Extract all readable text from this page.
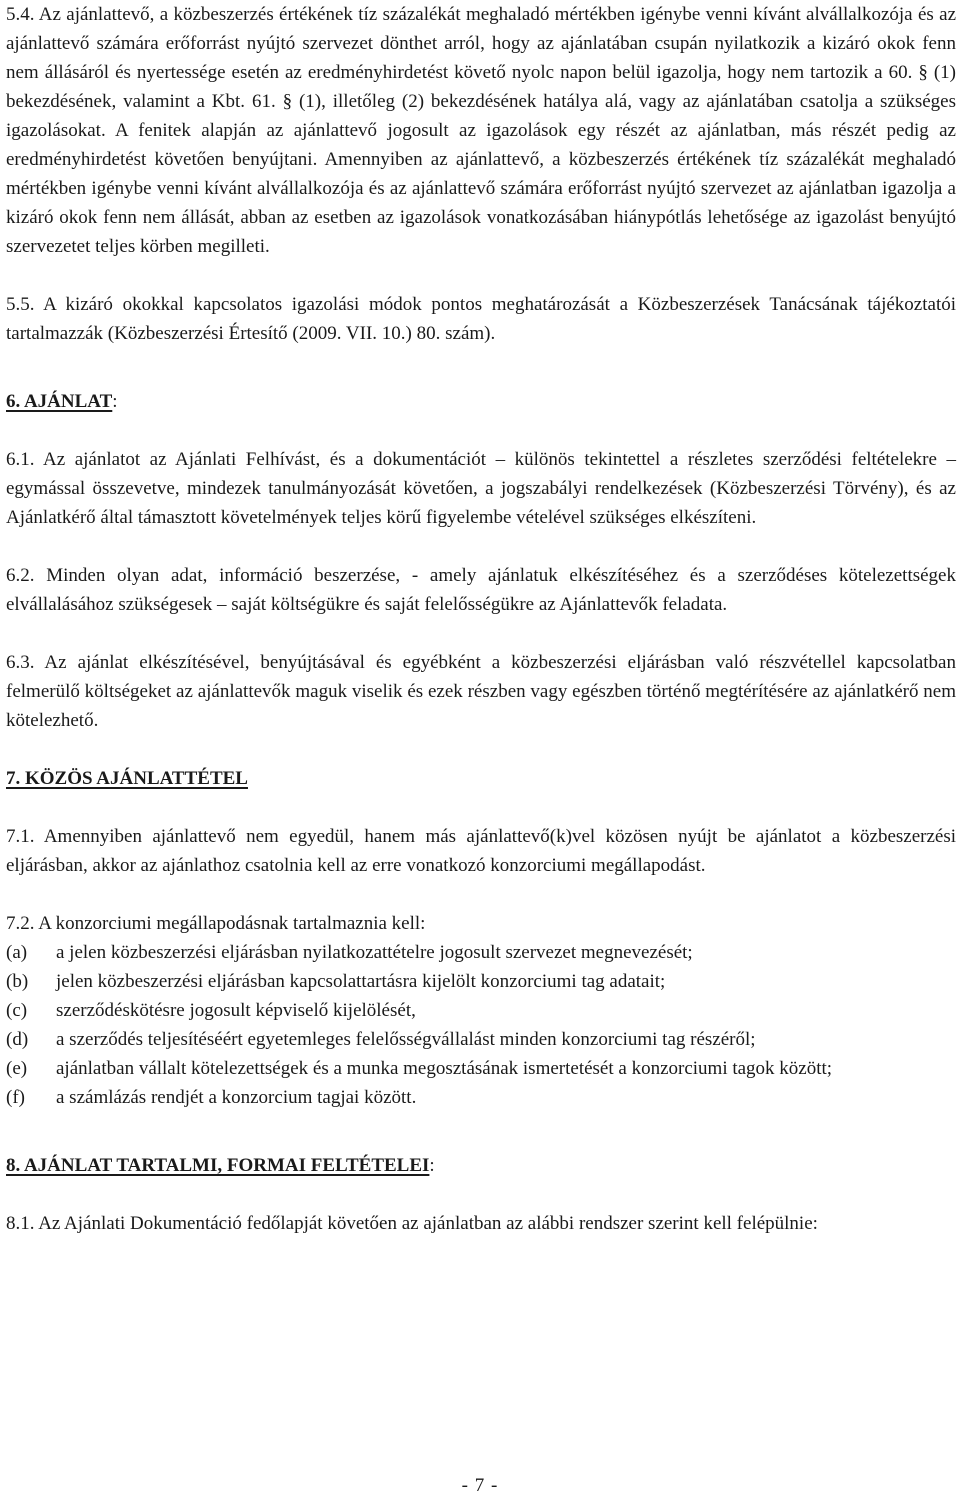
5.4. Az ajánlattevő, a közbeszerzés értékének tíz százalékát meghaladó mértékben igénybe venni kívánt alvállalkozója és az ajánlattevő számára erőforrást nyújtó szervezet dönthet arról, hogy az ajánlatában csupán nyilatkozik a kizáró okok fenn nem állásáról és nyertessége esetén az eredményhirdetést követő nyolc napon belül igazolja, hogy nem tartozik a 60. § (1) bekezdésének, valamint a Kbt. 61. § (1), illetőleg (2) bekezdésének hatálya alá, vagy az ajánlatában csatolja a szükséges igazolásokat. A fenitek alapján az ajánlattevő jogosult az igazolások egy részét az ajánlatban, más részét pedig az eredményhirdetést követően benyújtani. Amennyiben az ajánlattevő, a közbeszerzés értékének tíz százalékát meghaladó mértékben igénybe venni kívánt alvállalkozója és az ajánlattevő számára erőforrást nyújtó szervezet az ajánlatban igazolja a kizáró okok fenn nem állását, abban az esetben az igazolások vonatkozásában hiánypótlás lehetősége az igazolást benyújtó szervezetet teljes körben megilleti.

5.5. A kizáró okokkal kapcsolatos igazolási módok pontos meghatározását a Közbeszerzések Tanácsának tájékoztatói tartalmazzák (Közbeszerzési Értesítő (2009. VII. 10.) 80. szám).

6. AJÁNLAT:

6.1. Az ajánlatot az Ajánlati Felhívást, és a dokumentációt – különös tekintettel a részletes szerződési feltételekre – egymással összevetve, mindezek tanulmányozását követően, a jogszabályi rendelkezések (Közbeszerzési Törvény), és az Ajánlatkérő által támasztott követelmények teljes körű figyelembe vételével szükséges elkészíteni.

6.2. Minden olyan adat, információ beszerzése, - amely ajánlatuk elkészítéséhez és a szerződéses kötelezettségek elvállalásához szükségesek – saját költségükre és saját felelősségükre az Ajánlattevők feladata.

6.3. Az ajánlat elkészítésével, benyújtásával és egyébként a közbeszerzési eljárásban való részvétellel kapcsolatban felmerülő költségeket az ajánlattevők maguk viselik és ezek részben vagy egészben történő megtérítésére az ajánlatkérő nem kötelezhető.

7. KÖZÖS AJÁNLATTÉTEL

7.1. Amennyiben ajánlattevő nem egyedül, hanem más ajánlattevő(k)vel közösen nyújt be ajánlatot a közbeszerzési eljárásban, akkor az ajánlathoz csatolnia kell az erre vonatkozó konzorciumi megállapodást.

7.2. A konzorciumi megállapodásnak tartalmaznia kell:

(a)	a jelen közbeszerzési eljárásban nyilatkozattételre jogosult szervezet megnevezését;
(b)	jelen közbeszerzési eljárásban kapcsolattartásra kijelölt konzorciumi tag adatait;
(c)	szerződéskötésre jogosult képviselő kijelölését,
(d)	a szerződés teljesítéséért egyetemleges felelősségvállalást minden konzorciumi tag részéről;
(e)	ajánlatban vállalt kötelezettségek és a munka megosztásának ismertetését a konzorciumi tagok között;
(f)	a számlázás rendjét a konzorcium tagjai között.

8. AJÁNLAT TARTALMI, FORMAI FELTÉTELEI:

8.1. Az Ajánlati Dokumentáció fedőlapját követően az ajánlatban az alábbi rendszer szerint kell felépülnie:

- 7 -
